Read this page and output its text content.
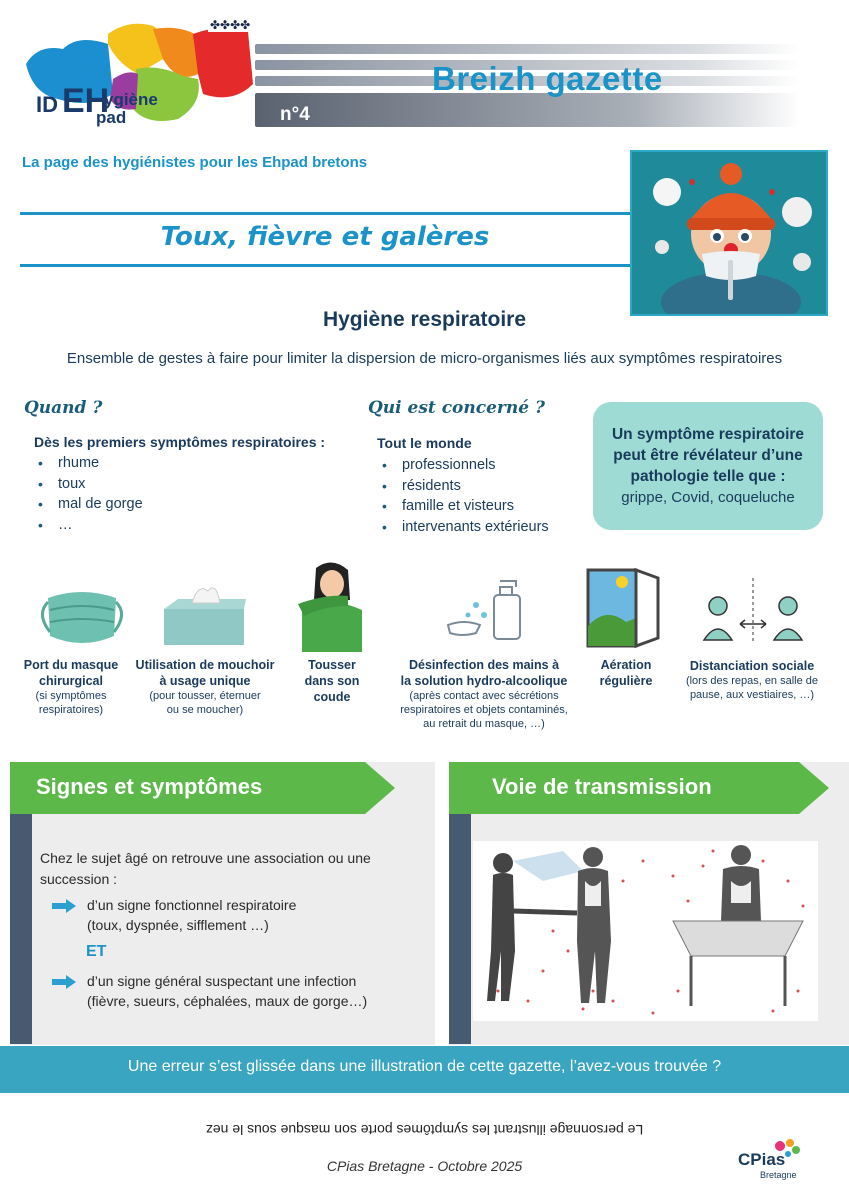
✤✤✤✤
ID EH
ygiène
pad
Breizh gazette
n°4
La page des hygiénistes pour les Ehpad bretons
Toux, fièvre et galères
Hygiène respiratoire
Ensemble de gestes à faire pour limiter la dispersion de micro-organismes liés aux symptômes respiratoires
Quand ?
Dès les premiers symptômes respiratoires :
• rhume
• toux
• mal de gorge
• …
Qui est concerné ?
Tout le monde
• professionnels
• résidents
• famille et visteurs
• intervenants extérieurs
Un symptôme respiratoire
peut être révélateur d’une
pathologie telle que :
grippe, Covid, coqueluche
Port du masque
chirurgical
(si symptômes
respiratoires)
Utilisation de mouchoir
à usage unique
(pour tousser, éternuer
ou se moucher)
Tousser
dans son
coude
Désinfection des mains à
la solution hydro-alcoolique
(après contact avec sécrétions
respiratoires et objets contaminés,
au retrait du masque, …)
Aération
régulière
Distanciation sociale
(lors des repas, en salle de
pause, aux vestiaires, …)
Signes et symptômes	Voie de transmission
Chez le sujet âgé on retrouve une association ou une succession :
d’un signe fonctionnel respiratoire
(toux, dyspnée, sifflement …)
ET
d’un signe général suspectant une infection
(fièvre, sueurs, céphalées, maux de gorge…)
Une erreur s’est glissée dans une illustration de cette gazette, l’avez-vous trouvée ?
Le personnage illustrant les symptômes porte son masque sous le nez
CPias Bretagne - Octobre 2025	CPias
Bretagne
